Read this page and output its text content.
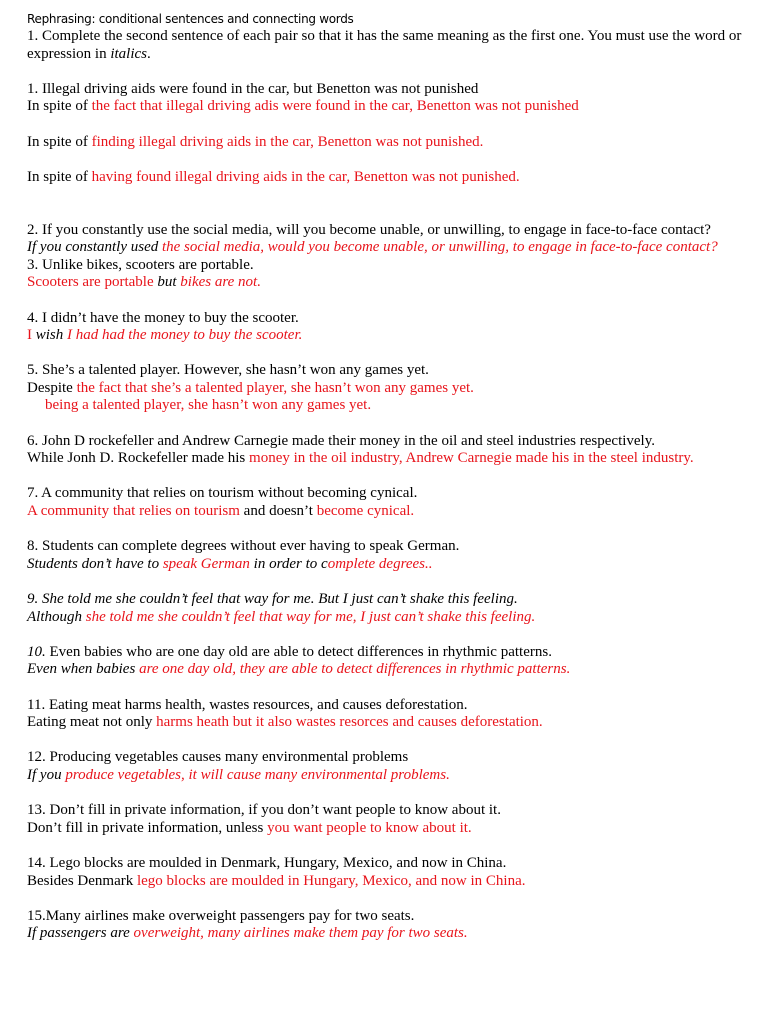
Rephrasing: conditional sentences and connecting words
1. Complete the second sentence of each pair so that it has the same meaning as the first one. You must use the word or expression in italics.
1. Illegal driving aids were found in the car, but Benetton was not punished
In spite of the fact that illegal driving adis were found in the car, Benetton was not punished
In spite of finding illegal driving aids in the car, Benetton was not punished.
In spite of having found illegal driving aids in the car, Benetton was not punished.
2. If you constantly use the social media, will you become unable, or unwilling, to engage in face-to-face contact?
If you constantly used the social media, would you become unable, or unwilling, to engage in face-to-face contact?
3. Unlike bikes, scooters are portable.
Scooters are portable but bikes are not.
4. I didn’t have the money to buy the scooter.
I wish I had had the money to buy the scooter.
5. She’s a talented player. However, she hasn’t won any games yet.
Despite the fact that she’s a talented player, she hasn’t won any games yet.
being a talented player, she hasn’t won any games yet.
6. John D rockefeller and Andrew Carnegie made their money in the oil and steel industries respectively.
While Jonh D. Rockefeller made his money in the oil industry, Andrew Carnegie made his in the steel industry.
7. A community that relies on tourism without becoming cynical.
A community that relies on tourism and doesn’t become cynical.
8. Students can complete degrees without ever having to speak German.
Students don’t have to speak German in order to complete degrees..
9. She told me she couldn’t feel that way for me. But I just can’t shake this feeling.
Although she told me she couldn’t feel that way for me, I just can’t shake this feeling.
10. Even babies who are one day old are able to detect differences in rhythmic patterns.
Even when babies are one day old, they are able to detect differences in rhythmic patterns.
11. Eating meat harms health, wastes resources, and causes deforestation.
Eating meat not only harms heath but it also wastes resorces and causes deforestation.
12. Producing vegetables causes many environmental problems
If you produce vegetables, it will cause many environmental problems.
13. Don’t fill in private information, if you don’t want people to know about it.
Don’t fill in private information, unless you want people to know about it.
14. Lego blocks are moulded in Denmark, Hungary, Mexico, and now in China.
Besides Denmark lego blocks are moulded in Hungary, Mexico, and now in China.
15.Many airlines make overweight passengers pay for two seats.
If passengers are overweight, many airlines make them pay for two seats.
